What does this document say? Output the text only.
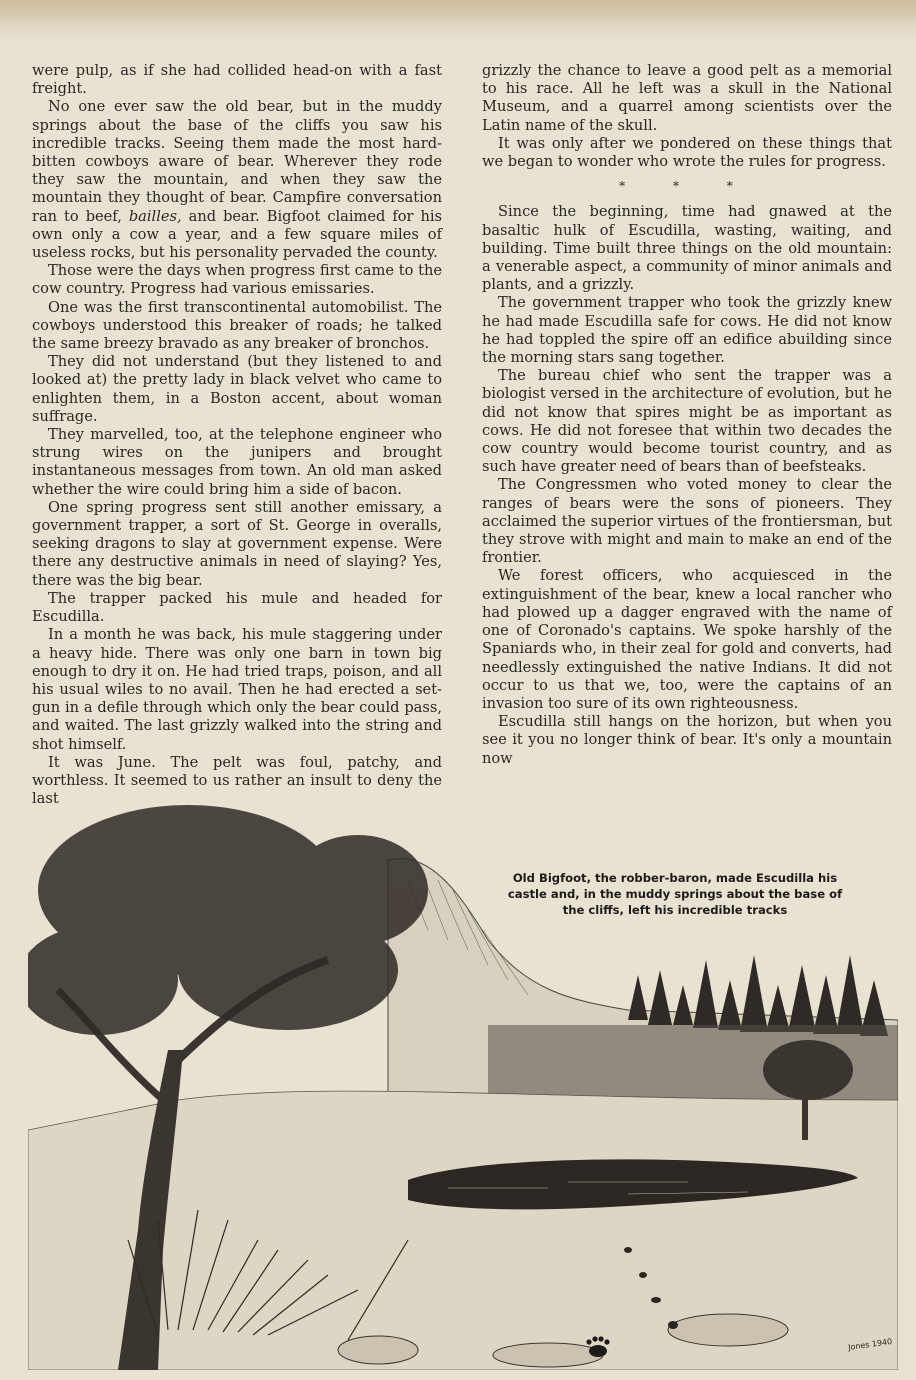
were pulp, as if she had collided head-on with a fast freight.

No one ever saw the old bear, but in the muddy springs about the base of the cliffs you saw his incredible tracks. Seeing them made the most hard-bitten cowboys aware of bear. Wherever they rode they saw the mountain, and when they saw the mountain they thought of bear. Campfire conversation ran to beef, bailles, and bear. Bigfoot claimed for his own only a cow a year, and a few square miles of useless rocks, but his personality pervaded the county.

Those were the days when progress first came to the cow country. Progress had various emissaries.

One was the first transcontinental automobilist. The cowboys understood this breaker of roads; he talked the same breezy bravado as any breaker of bronchos.

They did not understand (but they listened to and looked at) the pretty lady in black velvet who came to enlighten them, in a Boston accent, about woman suffrage.

They marvelled, too, at the telephone engineer who strung wires on the junipers and brought instantaneous messages from town. An old man asked whether the wire could bring him a side of bacon.

One spring progress sent still another emissary, a government trapper, a sort of St. George in overalls, seeking dragons to slay at government expense. Were there any destructive animals in need of slaying? Yes, there was the big bear.

The trapper packed his mule and headed for Escudilla.

In a month he was back, his mule staggering under a heavy hide. There was only one barn in town big enough to dry it on. He had tried traps, poison, and all his usual wiles to no avail. Then he had erected a set-gun in a defile through which only the bear could pass, and waited. The last grizzly walked into the string and shot himself.

It was June. The pelt was foul, patchy, and worthless. It seemed to us rather an insult to deny the last

grizzly the chance to leave a good pelt as a memorial to his race. All he left was a skull in the National Museum, and a quarrel among scientists over the Latin name of the skull.

It was only after we pondered on these things that we began to wonder who wrote the rules for progress.

* * *

Since the beginning, time had gnawed at the basaltic hulk of Escudilla, wasting, waiting, and building. Time built three things on the old mountain: a venerable aspect, a community of minor animals and plants, and a grizzly.

The government trapper who took the grizzly knew he had made Escudilla safe for cows. He did not know he had toppled the spire off an edifice abuilding since the morning stars sang together.

The bureau chief who sent the trapper was a biologist versed in the architecture of evolution, but he did not know that spires might be as important as cows. He did not foresee that within two decades the cow country would become tourist country, and as such have greater need of bears than of beefsteaks.

The Congressmen who voted money to clear the ranges of bears were the sons of pioneers. They acclaimed the superior virtues of the frontiersman, but they strove with might and main to make an end of the frontier.

We forest officers, who acquiesced in the extinguishment of the bear, knew a local rancher who had plowed up a dagger engraved with the name of one of Coronado's captains. We spoke harshly of the Spaniards who, in their zeal for gold and converts, had needlessly extinguished the native Indians. It did not occur to us that we, too, were the captains of an invasion too sure of its own righteousness.

Escudilla still hangs on the horizon, but when you see it you no longer think of bear. It's only a mountain now

Old Bigfoot, the robber-baron, made Escudilla his castle and, in the muddy springs about the base of the cliffs, left his incredible tracks
Jones 1940
